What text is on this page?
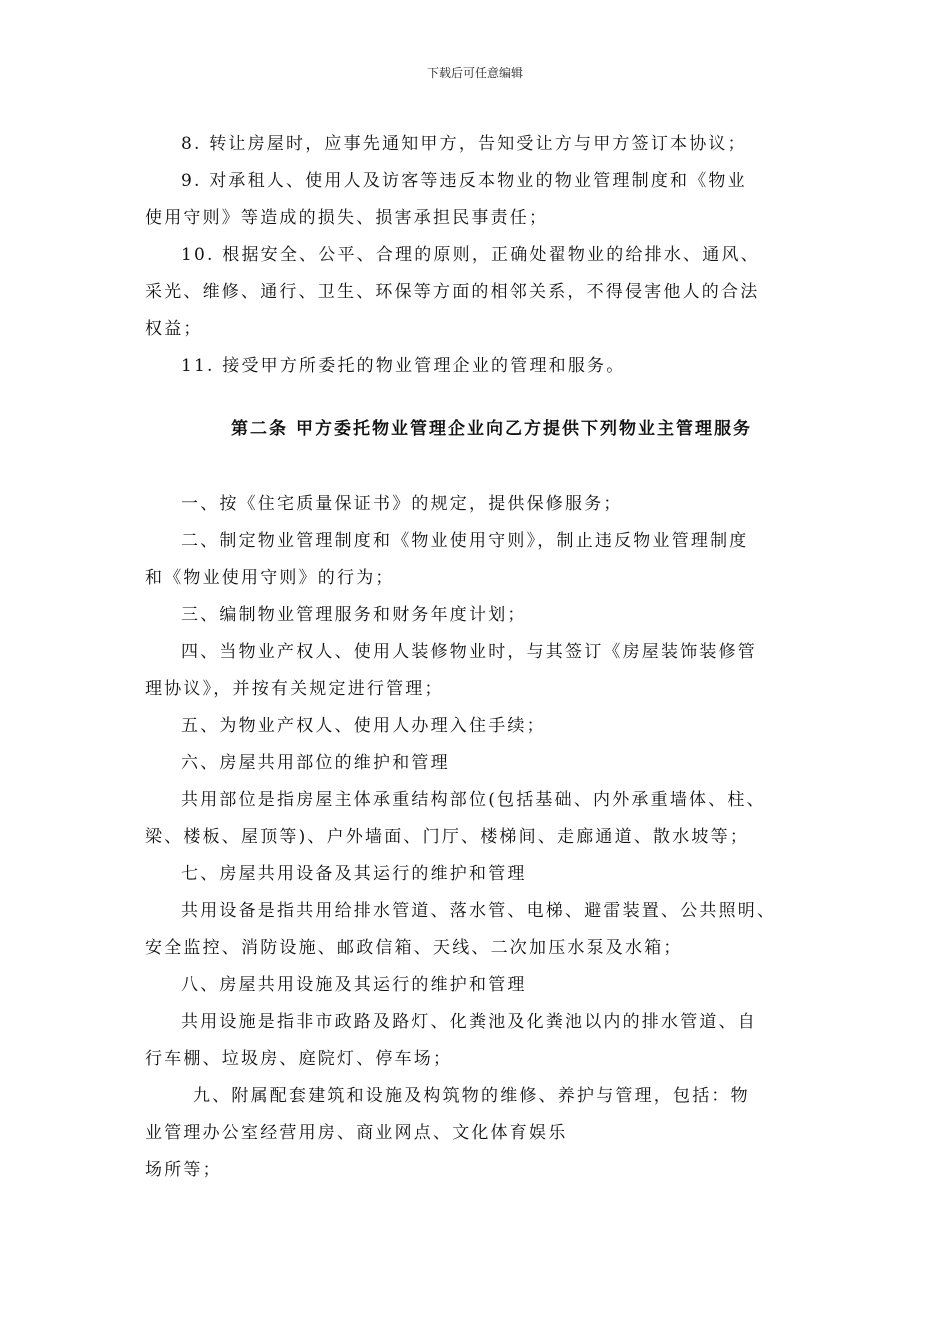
下载后可任意编辑
8. 转让房屋时，应事先通知甲方，告知受让方与甲方签订本协议；
9. 对承租人、使用人及访客等违反本物业的物业管理制度和《物业
使用守则》等造成的损失、损害承担民事责任；
10. 根据安全、公平、合理的原则，正确处翟物业的给排水、通风、
采光、维修、通行、卫生、环保等方面的相邻关系，不得侵害他人的合法
权益；
11. 接受甲方所委托的物业管理企业的管理和服务。
第二条 甲方委托物业管理企业向乙方提供下列物业主管理服务
一、按《住宅质量保证书》的规定，提供保修服务；
二、制定物业管理制度和《物业使用守则》，制止违反物业管理制度
和《物业使用守则》的行为；
三、编制物业管理服务和财务年度计划；
四、当物业产权人、使用人装修物业时，与其签订《房屋装饰装修管
理协议》，并按有关规定进行管理；
五、为物业产权人、使用人办理入住手续；
六、房屋共用部位的维护和管理
共用部位是指房屋主体承重结构部位(包括基础、内外承重墙体、柱、
梁、楼板、屋顶等)、户外墙面、门厅、楼梯间、走廊通道、散水坡等；
七、房屋共用设备及其运行的维护和管理
共用设备是指共用给排水管道、落水管、电梯、避雷装置、公共照明、
安全监控、消防设施、邮政信箱、天线、二次加压水泵及水箱；
八、房屋共用设施及其运行的维护和管理
共用设施是指非市政路及路灯、化粪池及化粪池以内的排水管道、自
行车棚、垃圾房、庭院灯、停车场；
九、附属配套建筑和设施及构筑物的维修、养护与管理，包括：物
业管理办公室经营用房、商业网点、文化体育娱乐
场所等；
